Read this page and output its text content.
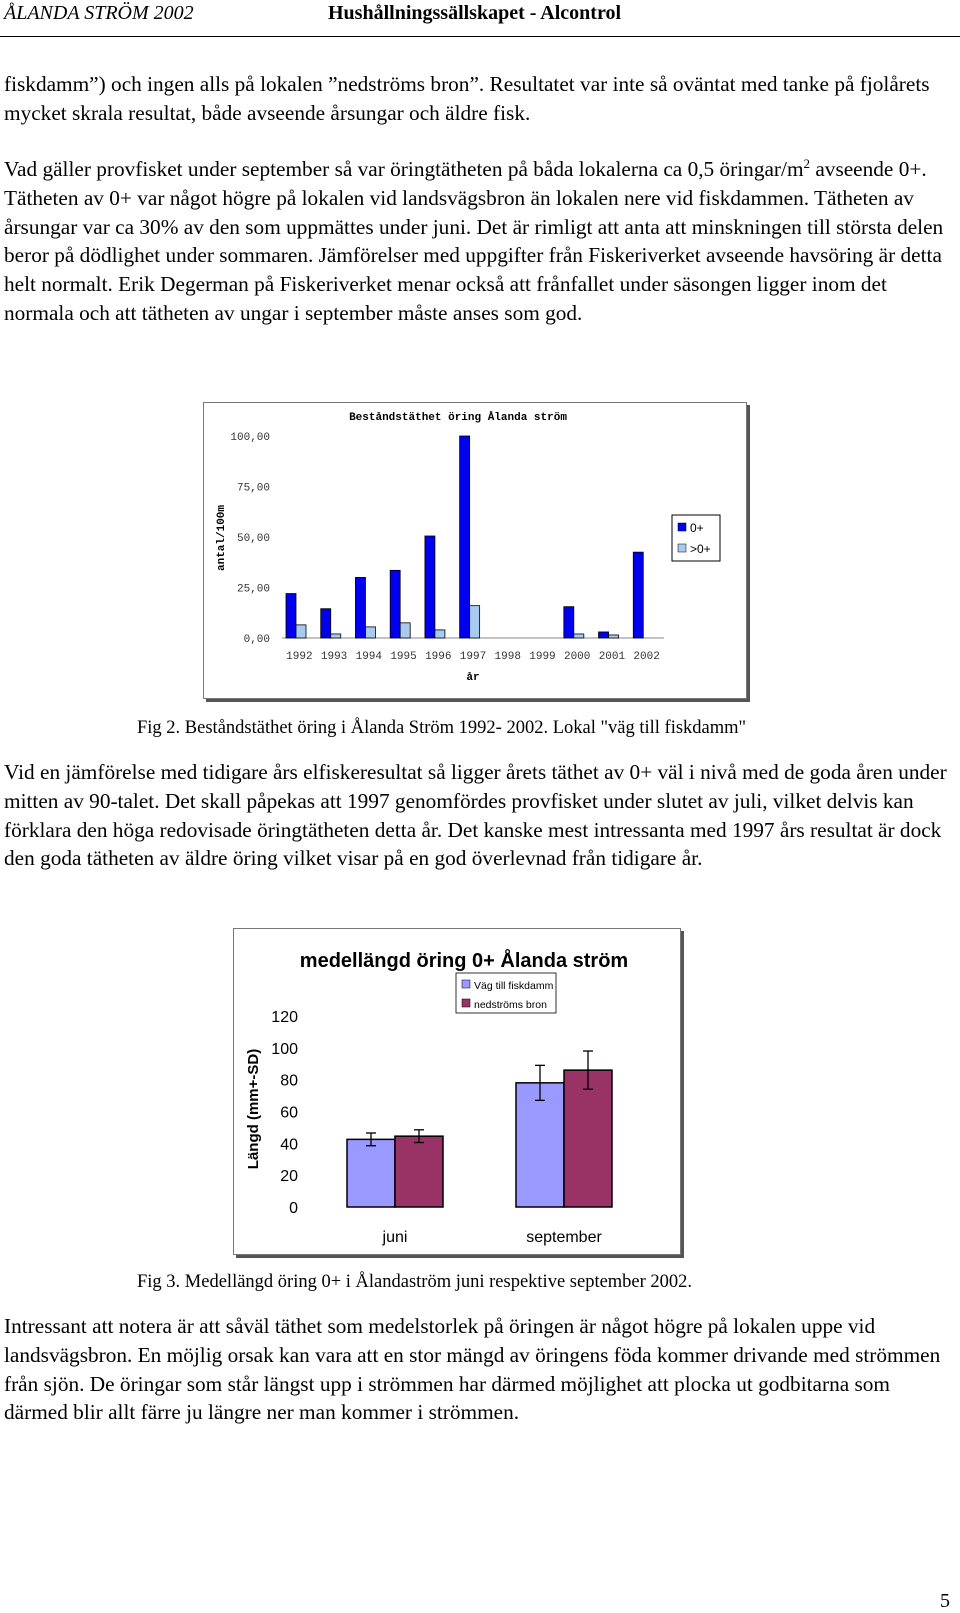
ÅLANDA STRÖM 2002	Hushållningssällskapet - Alcontrol

fiskdamm”) och ingen alls på lokalen ”nedströms bron”. Resultatet var inte så oväntat med tanke på fjolårets mycket skrala resultat, både avseende årsungar och äldre fisk.

Vad gäller provfisket under september så var öringtätheten på båda lokalerna ca 0,5 öringar/$m^2$ avseende 0+. Tätheten av 0+ var något högre på lokalen vid landsvägsbron än lokalen nere vid fiskdammen. Tätheten av årsungar var ca 30% av den som uppmättes under juni. Det är rimligt att anta att minskningen till största delen beror på dödlighet under sommaren. Jämförelser med uppgifter från Fiskeriverket avseende havsöring är detta helt normalt. Erik Degerman på Fiskeriverket menar också att frånfallet under säsongen ligger inom det normala och att tätheten av ungar i september måste anses som god.

Beståndstäthet öring Ålanda ström
0,00
25,00
50,00
75,00
100,00
antal/100m
1992 1993 1994 1995 1996 1997 1998 1999 2000 2001 2002
år
0+
>0+
Fig 2. Beståndstäthet öring i Ålanda Ström 1992- 2002. Lokal "väg till fiskdamm"

Vid en jämförelse med tidigare års elfiskeresultat så ligger årets täthet av 0+ väl i nivå med de goda åren under mitten av 90-talet. Det skall påpekas att 1997 genomfördes provfisket under slutet av juli, vilket delvis kan förklara den höga redovisade öringtätheten detta år. Det kanske mest intressanta med 1997 års resultat är dock den goda tätheten av äldre öring vilket visar på en god överlevnad från tidigare år.

medellängd öring 0+ Ålanda ström
0
20
40
60
80
100
120
Längd (mm+-SD)
juni	september
Väg till fiskdamm
nedströms bron
Fig 3. Medellängd öring 0+ i Ålandaström juni respektive september 2002.

Intressant att notera är att såväl täthet som medelstorlek på öringen är något högre på lokalen uppe vid landsvägsbron. En möjlig orsak kan vara att en stor mängd av öringens föda kommer drivande med strömmen från sjön. De öringar som står längst upp i strömmen har därmed möjlighet att plocka ut godbitarna som därmed blir allt färre ju längre ner man kommer i strömmen.

5
